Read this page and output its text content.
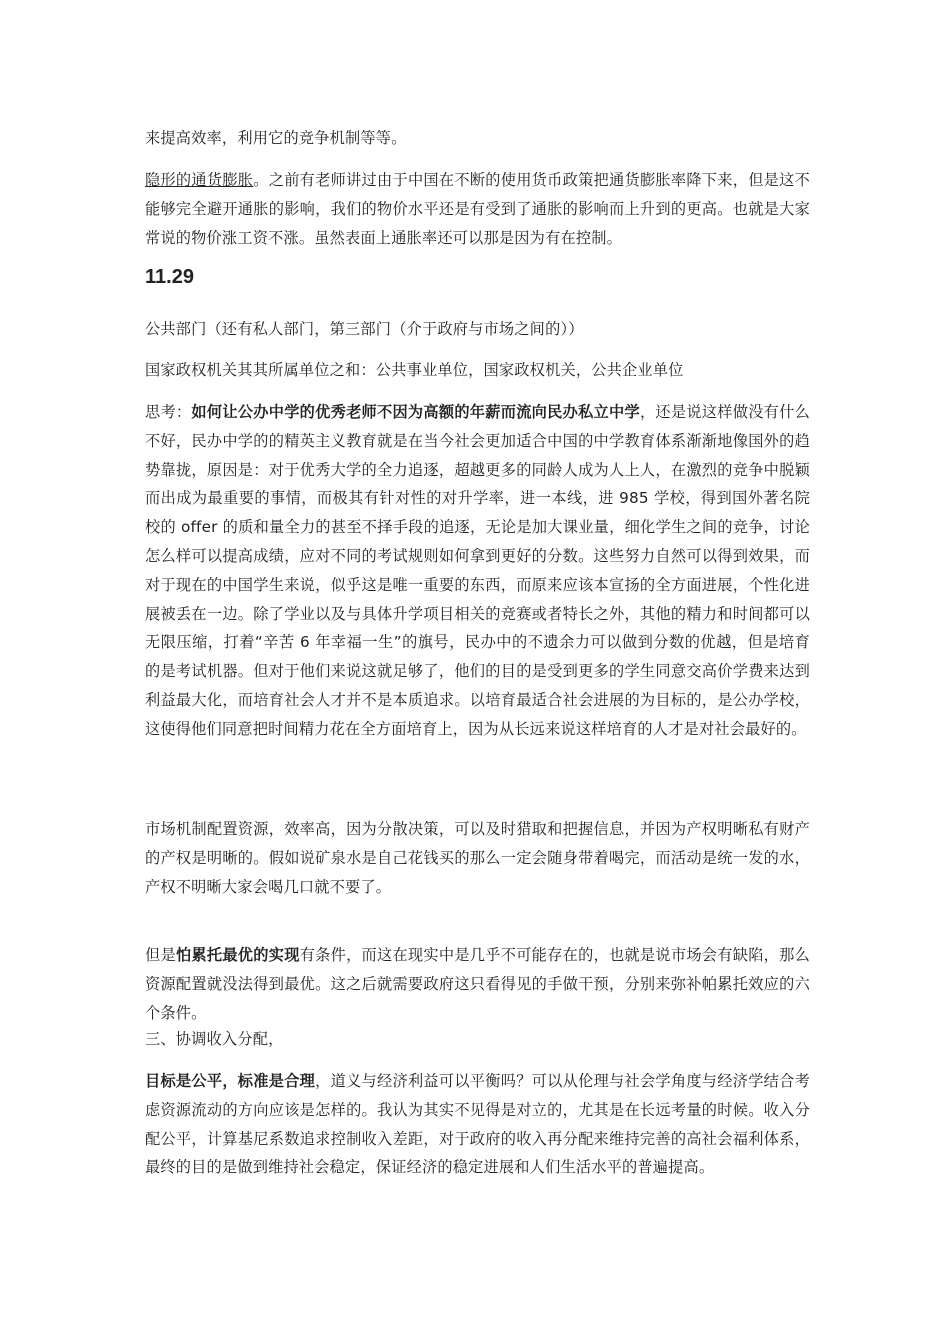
来提高效率，利用它的竞争机制等等。

隐形的通货膨胀。之前有老师讲过由于中国在不断的使用货币政策把通货膨胀率降下来，但是这不能够完全避开通胀的影响，我们的物价水平还是有受到了通胀的影响而上升到的更高。也就是大家常说的物价涨工资不涨。虽然表面上通胀率还可以那是因为有在控制。

11.29

公共部门（还有私人部门，第三部门（介于政府与市场之间的））

国家政权机关其其所属单位之和：公共事业单位，国家政权机关，公共企业单位

思考：如何让公办中学的优秀老师不因为高额的年薪而流向民办私立中学，还是说这样做没有什么不好，民办中学的的精英主义教育就是在当今社会更加适合中国的中学教育体系渐渐地像国外的趋势靠拢，原因是：对于优秀大学的全力追逐，超越更多的同龄人成为人上人，在激烈的竞争中脱颖而出成为最重要的事情，而极其有针对性的对升学率，进一本线，进 985 学校，得到国外著名院校的 offer 的质和量全力的甚至不择手段的追逐，无论是加大课业量，细化学生之间的竞争，讨论怎么样可以提高成绩，应对不同的考试规则如何拿到更好的分数。这些努力自然可以得到效果，而对于现在的中国学生来说，似乎这是唯一重要的东西，而原来应该本宣扬的全方面进展，个性化进展被丢在一边。除了学业以及与具体升学项目相关的竞赛或者特长之外，其他的精力和时间都可以无限压缩，打着“辛苦 6 年幸福一生”的旗号，民办中的不遗余力可以做到分数的优越，但是培育的是考试机器。但对于他们来说这就足够了，他们的目的是受到更多的学生同意交高价学费来达到利益最大化，而培育社会人才并不是本质追求。以培育最适合社会进展的为目标的，是公办学校，这使得他们同意把时间精力花在全方面培育上，因为从长远来说这样培育的人才是对社会最好的。

市场机制配置资源，效率高，因为分散决策，可以及时猎取和把握信息，并因为产权明晰私有财产的产权是明晰的。假如说矿泉水是自己花钱买的那么一定会随身带着喝完，而活动是统一发的水，产权不明晰大家会喝几口就不要了。

但是怕累托最优的实现有条件，而这在现实中是几乎不可能存在的，也就是说市场会有缺陷，那么资源配置就没法得到最优。这之后就需要政府这只看得见的手做干预，分别来弥补帕累托效应的六个条件。

三、协调收入分配，

目标是公平，标准是合理，道义与经济利益可以平衡吗？可以从伦理与社会学角度与经济学结合考虑资源流动的方向应该是怎样的。我认为其实不见得是对立的，尤其是在长远考量的时候。收入分配公平，计算基尼系数追求控制收入差距，对于政府的收入再分配来维持完善的高社会福利体系，最终的目的是做到维持社会稳定，保证经济的稳定进展和人们生活水平的普遍提高。
